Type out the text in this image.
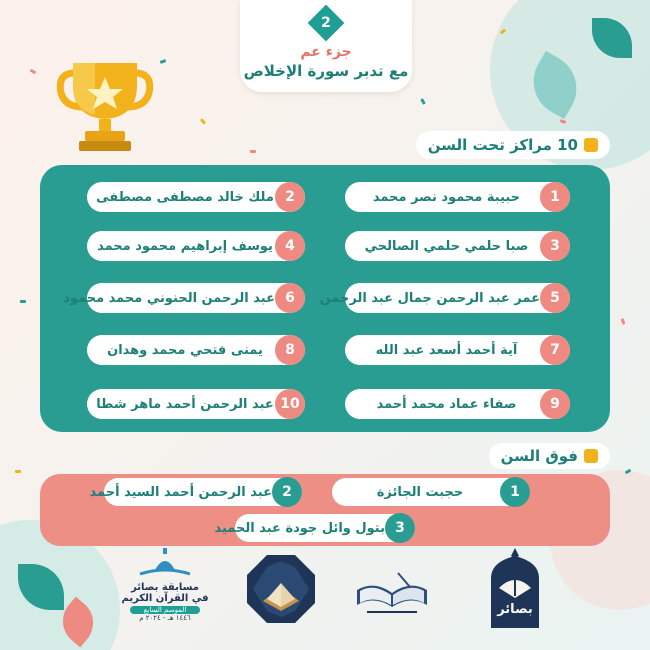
2
جزء عم
مع تدبر سورة الإخلاص
10 مراكز تحت السن
1
حبيبة محمود نصر محمد
3
صبا حلمي حلمي الصالحي
5
عمر عبد الرحمن جمال عبد الرحمن
7
آية أحمد أسعد عبد الله
9
صفاء عماد محمد أحمد
2
ملك خالد مصطفى مصطفى
4
يوسف إبراهيم محمود محمد
6
عبد الرحمن الحنوني محمد محمود
8
يمنى فتحي محمد وهدان
10
عبد الرحمن أحمد ماهر شطا
فوق السن
1
حجبت الجائزة
2
عبد الرحمن أحمد السيد أحمد
3
بتول وائل جودة عبد الحميد
مسابقة بصائر
في القرآن الكريم
الموسم السابع
١٤٤٦ هـ - ٢٠٢٤ م
بصائر
